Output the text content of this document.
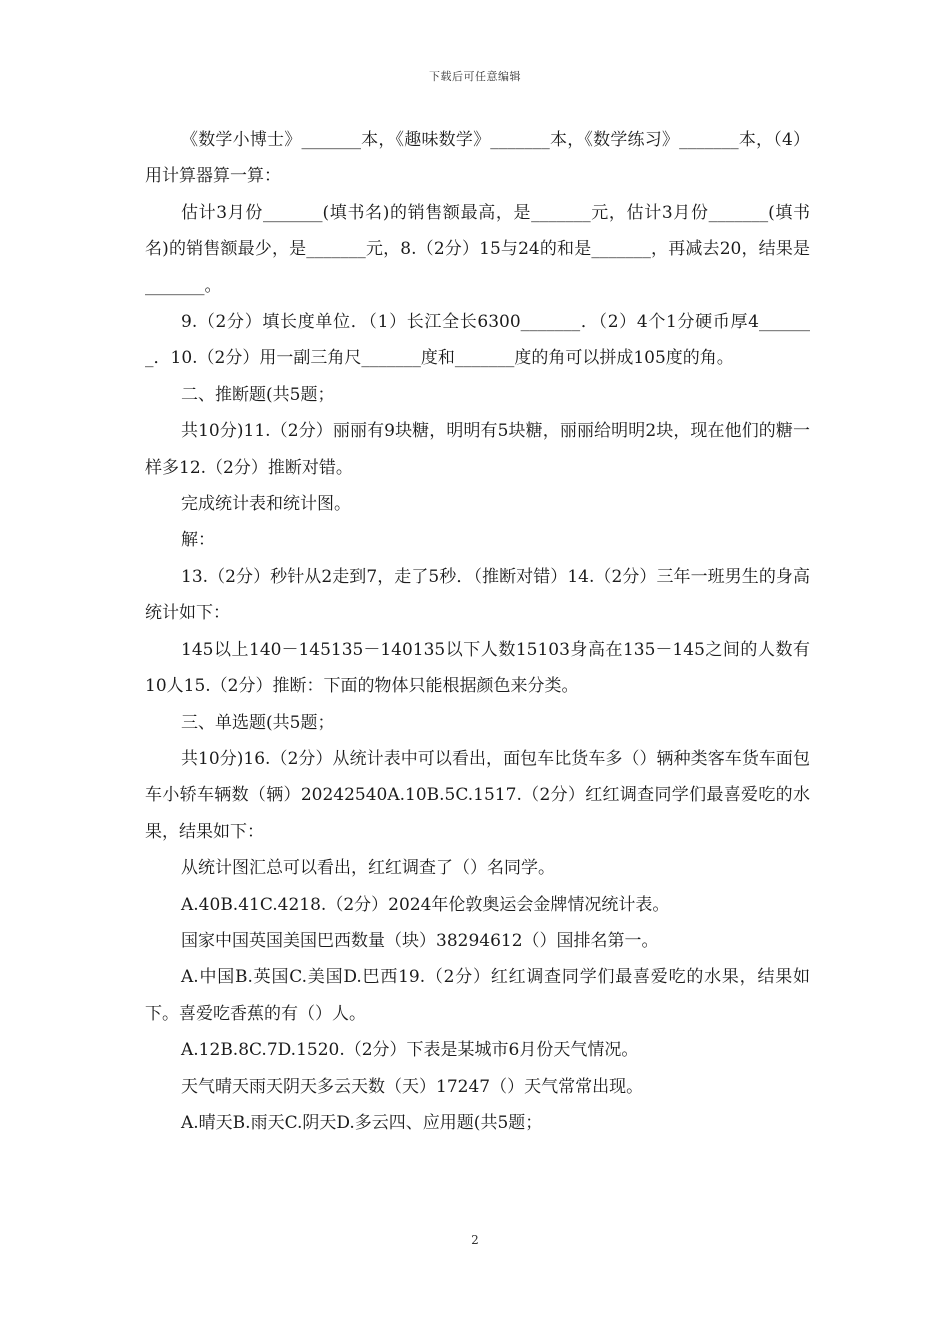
下载后可任意编辑

《数学小博士》_______本，《趣味数学》_______本，《数学练习》_______本，（4）用计算器算一算：

估计3月份_______(填书名)的销售额最高，是_______元，估计3月份_______(填书名)的销售额最少，是_______元，8.（2分）15与24的和是_______，再减去20，结果是_______。

9.（2分）填长度单位．（1）长江全长6300_______．（2）4个1分硬币厚4_______．10.（2分）用一副三角尺_______度和_______度的角可以拼成105度的角。

二、推断题(共5题；

共10分)11.（2分）丽丽有9块糖，明明有5块糖，丽丽给明明2块，现在他们的糖一样多12.（2分）推断对错。

完成统计表和统计图。

解：

13.（2分）秒针从2走到7，走了5秒．（推断对错）14.（2分）三年一班男生的身高统计如下：

145以上140－145135－140135以下人数15103身高在135－145之间的人数有10人15.（2分）推断：下面的物体只能根据颜色来分类。

三、单选题(共5题；

共10分)16.（2分）从统计表中可以看出，面包车比货车多（）辆种类客车货车面包车小轿车辆数（辆）20242540A.10B.5C.1517.（2分）红红调查同学们最喜爱吃的水果，结果如下：

从统计图汇总可以看出，红红调查了（）名同学。

A.40B.41C.4218.（2分）2024年伦敦奥运会金牌情况统计表。

国家中国英国美国巴西数量（块）38294612（）国排名第一。

A.中国B.英国C.美国D.巴西19.（2分）红红调查同学们最喜爱吃的水果，结果如下。喜爱吃香蕉的有（）人。

A.12B.8C.7D.1520.（2分）下表是某城市6月份天气情况。

天气晴天雨天阴天多云天数（天）17247（）天气常常出现。

A.晴天B.雨天C.阴天D.多云四、应用题(共5题；

2
